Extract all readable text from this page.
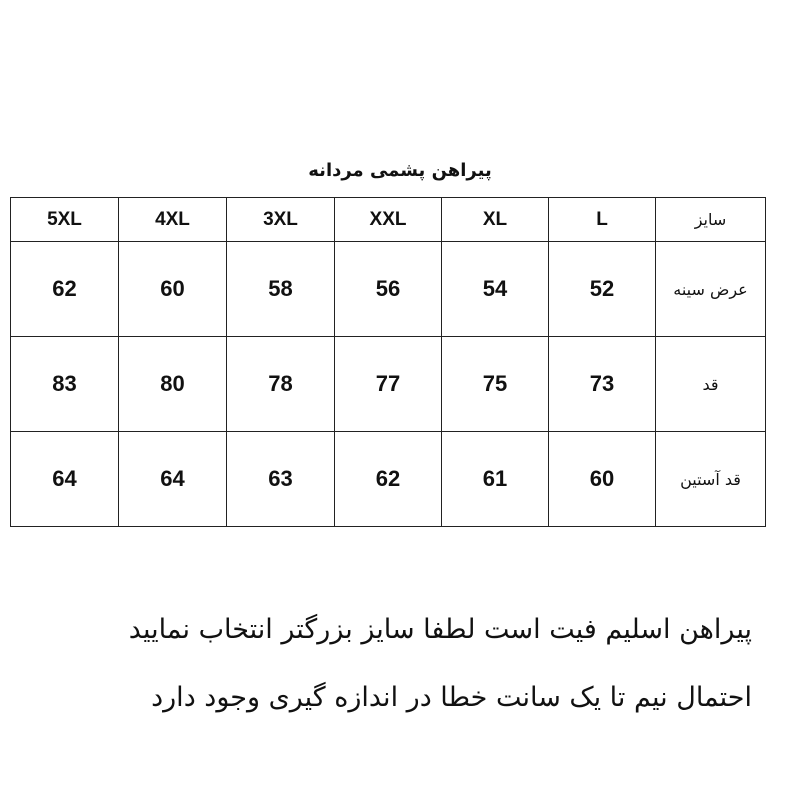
پیراهن پشمی مردانه
سایز	L	XL	XXL	3XL	4XL	5XL
عرض سینه	52	54	56	58	60	62
قد	73	75	77	78	80	83
قد آستین	60	61	62	63	64	64
پیراهن اسلیم فیت است لطفا سایز بزرگتر انتخاب نمایید
احتمال نیم تا یک سانت خطا در اندازه گیری وجود دارد
